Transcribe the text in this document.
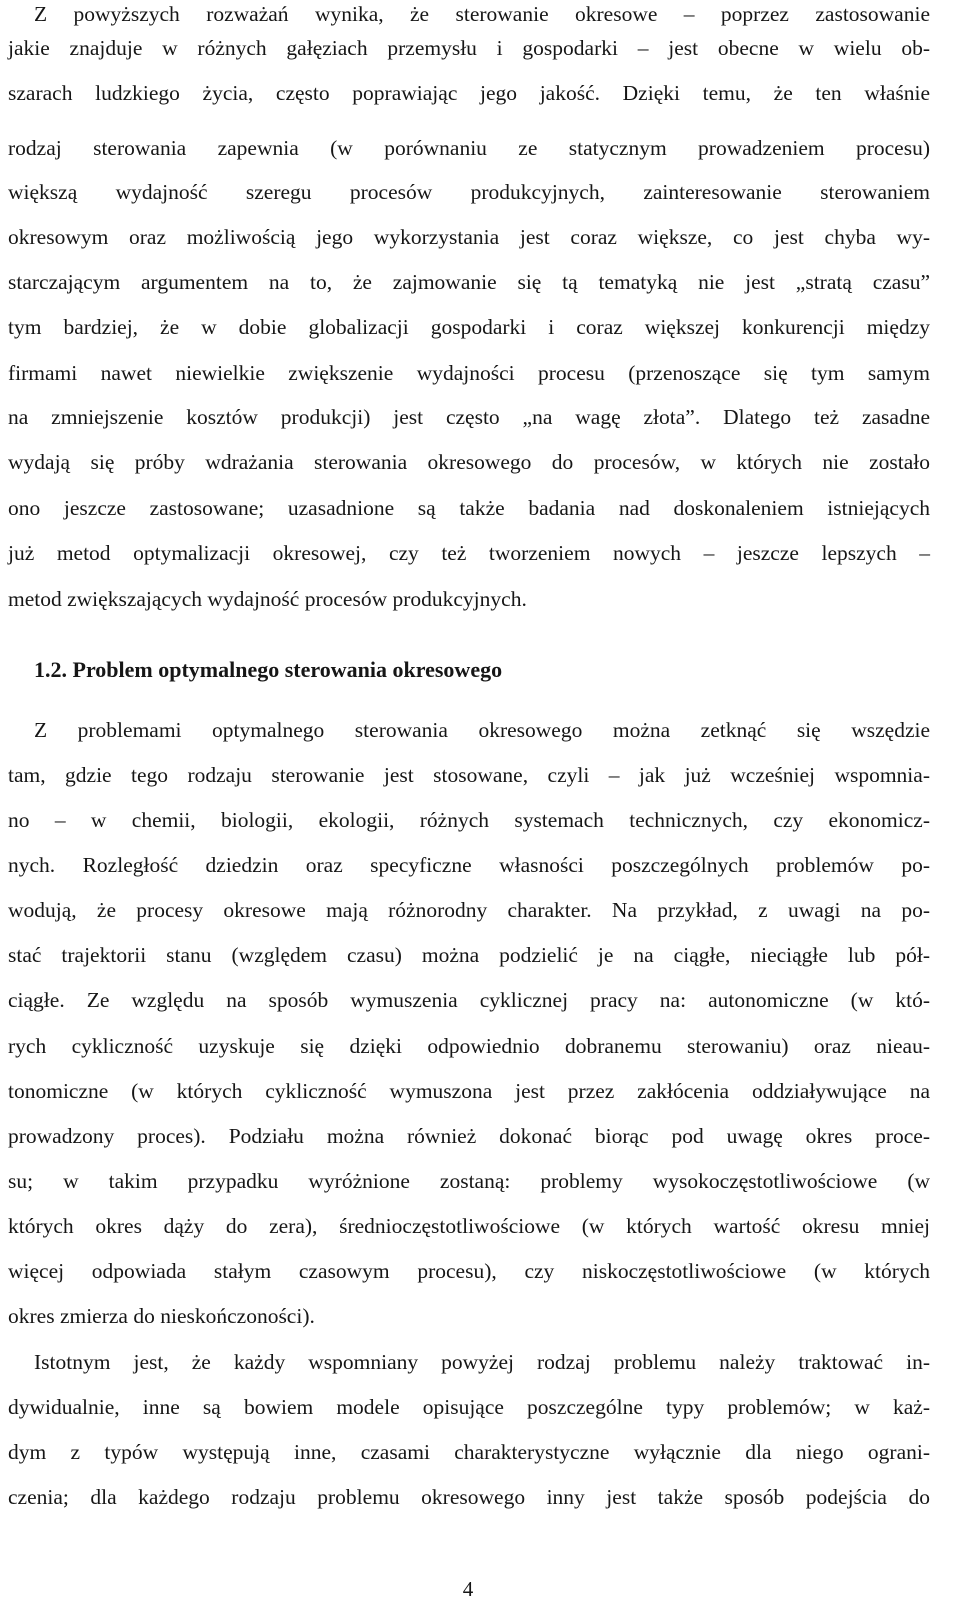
Z powyższych rozważań wynika, że sterowanie okresowe – poprzez zastosowanie
jakie znajduje w różnych gałęziach przemysłu i gospodarki – jest obecne w wielu ob-
szarach ludzkiego życia, często poprawiając jego jakość. Dzięki temu, że ten właśnie
rodzaj sterowania zapewnia (w porównaniu ze statycznym prowadzeniem procesu)
większą wydajność szeregu procesów produkcyjnych, zainteresowanie sterowaniem
okresowym oraz możliwością jego wykorzystania jest coraz większe, co jest chyba wy-
starczającym argumentem na to, że zajmowanie się tą tematyką nie jest „stratą czasu”
tym bardziej, że w dobie globalizacji gospodarki i coraz większej konkurencji między
firmami nawet niewielkie zwiększenie wydajności procesu (przenoszące się tym samym
na zmniejszenie kosztów produkcji) jest często „na wagę złota”. Dlatego też zasadne
wydają się próby wdrażania sterowania okresowego do procesów, w których nie zostało
ono jeszcze zastosowane; uzasadnione są także badania nad doskonaleniem istniejących
już metod optymalizacji okresowej, czy też tworzeniem nowych – jeszcze lepszych –
metod zwiększających wydajność procesów produkcyjnych.
1.2. Problem optymalnego sterowania okresowego
Z problemami optymalnego sterowania okresowego można zetknąć się wszędzie
tam, gdzie tego rodzaju sterowanie jest stosowane, czyli – jak już wcześniej wspomnia-
no – w chemii, biologii, ekologii, różnych systemach technicznych, czy ekonomicz-
nych. Rozległość dziedzin oraz specyficzne własności poszczególnych problemów po-
wodują, że procesy okresowe mają różnorodny charakter. Na przykład, z uwagi na po-
stać trajektorii stanu (względem czasu) można podzielić je na ciągłe, nieciągłe lub pół-
ciągłe. Ze względu na sposób wymuszenia cyklicznej pracy na: autonomiczne (w któ-
rych cykliczność uzyskuje się dzięki odpowiednio dobranemu sterowaniu) oraz nieau-
tonomiczne (w których cykliczność wymuszona jest przez zakłócenia oddziaływujące na
prowadzony proces). Podziału można również dokonać biorąc pod uwagę okres proce-
su; w takim przypadku wyróżnione zostaną: problemy wysokoczęstotliwościowe (w
których okres dąży do zera), średnioczęstotliwościowe (w których wartość okresu mniej
więcej odpowiada stałym czasowym procesu), czy niskoczęstotliwościowe (w których
okres zmierza do nieskończoności).
Istotnym jest, że każdy wspomniany powyżej rodzaj problemu należy traktować in-
dywidualnie, inne są bowiem modele opisujące poszczególne typy problemów; w każ-
dym z typów występują inne, czasami charakterystyczne wyłącznie dla niego ograni-
czenia; dla każdego rodzaju problemu okresowego inny jest także sposób podejścia do
4
